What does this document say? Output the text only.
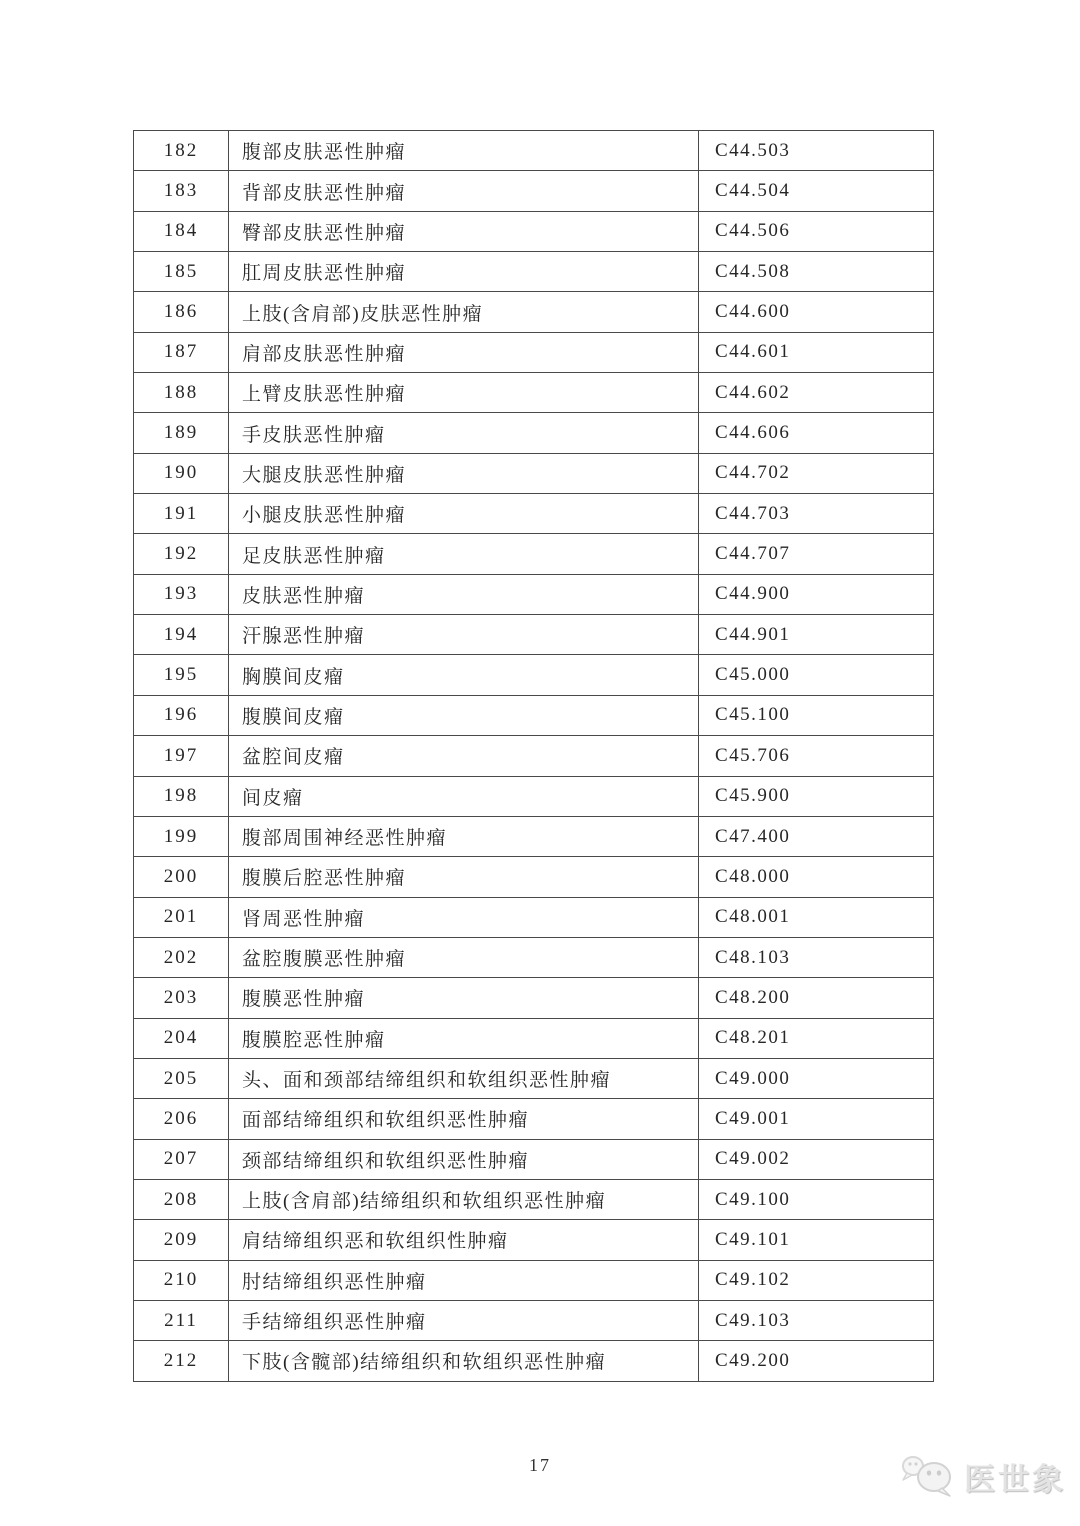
182	腹部皮肤恶性肿瘤	C44.503
183	背部皮肤恶性肿瘤	C44.504
184	臀部皮肤恶性肿瘤	C44.506
185	肛周皮肤恶性肿瘤	C44.508
186	上肢(含肩部)皮肤恶性肿瘤	C44.600
187	肩部皮肤恶性肿瘤	C44.601
188	上臂皮肤恶性肿瘤	C44.602
189	手皮肤恶性肿瘤	C44.606
190	大腿皮肤恶性肿瘤	C44.702
191	小腿皮肤恶性肿瘤	C44.703
192	足皮肤恶性肿瘤	C44.707
193	皮肤恶性肿瘤	C44.900
194	汗腺恶性肿瘤	C44.901
195	胸膜间皮瘤	C45.000
196	腹膜间皮瘤	C45.100
197	盆腔间皮瘤	C45.706
198	间皮瘤	C45.900
199	腹部周围神经恶性肿瘤	C47.400
200	腹膜后腔恶性肿瘤	C48.000
201	肾周恶性肿瘤	C48.001
202	盆腔腹膜恶性肿瘤	C48.103
203	腹膜恶性肿瘤	C48.200
204	腹膜腔恶性肿瘤	C48.201
205	头、面和颈部结缔组织和软组织恶性肿瘤	C49.000
206	面部结缔组织和软组织恶性肿瘤	C49.001
207	颈部结缔组织和软组织恶性肿瘤	C49.002
208	上肢(含肩部)结缔组织和软组织恶性肿瘤	C49.100
209	肩结缔组织恶和软组织性肿瘤	C49.101
210	肘结缔组织恶性肿瘤	C49.102
211	手结缔组织恶性肿瘤	C49.103
212	下肢(含髋部)结缔组织和软组织恶性肿瘤	C49.200
17	医世象
